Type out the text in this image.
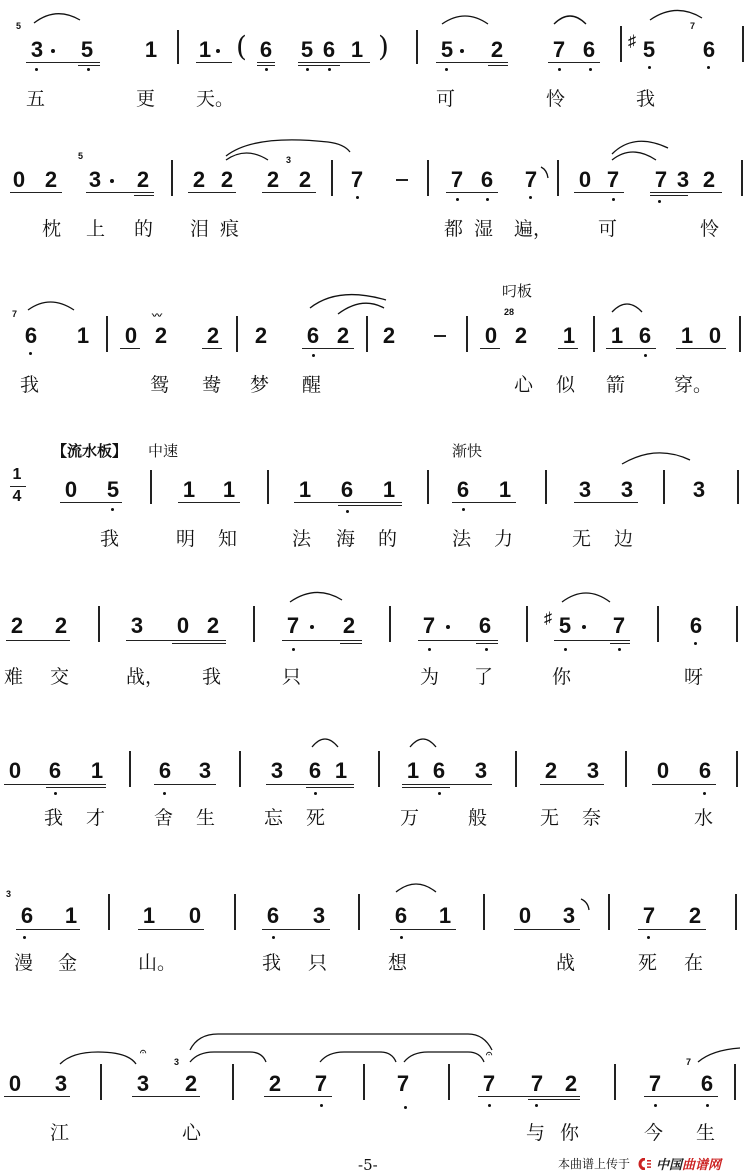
5
3 5 1 1 ( 6 5 6 1 ) 5 2 7 6 ♯ 5
7
6
五	更 天。	可	怜	我
0 2
5
3 2 2 2 2
3
2 7	7 6 7 0 7 7 3 2
枕 上 的 泪 痕	都 湿 遍， 可	怜
叼板
7
6 1 0
〰
2 2 2 6 2 2	0
28
2 1 1 6 1 0
我	鸳 鸯 梦 醒	心 似 箭	穿。
【流水板】 中速	渐快
1
4 0 5	1 1	1 6 1	6 1	3 3	3
我	明 知	法 海 的	法 力	无 边
2 2	3 0 2	7 2	7 6	♯ 5 7	6
难 交	战， 我	只	为 了	你	呀
0 6 1	6 3	3 6 1	1 6 3	2 3	0 6
我 才	舍 生	忘 死	万	般	无 奈	水
3
6 1	1 0	6 3	6 1	0 3	7 2
漫 金	山。	我 只	想	战	死 在
𝄐
0 3	3
3
2	2 7	7
𝄐
7 7 2	7
7
6
江	心	与 你	今 生
-5-	本曲谱上传于 中国 曲谱网
